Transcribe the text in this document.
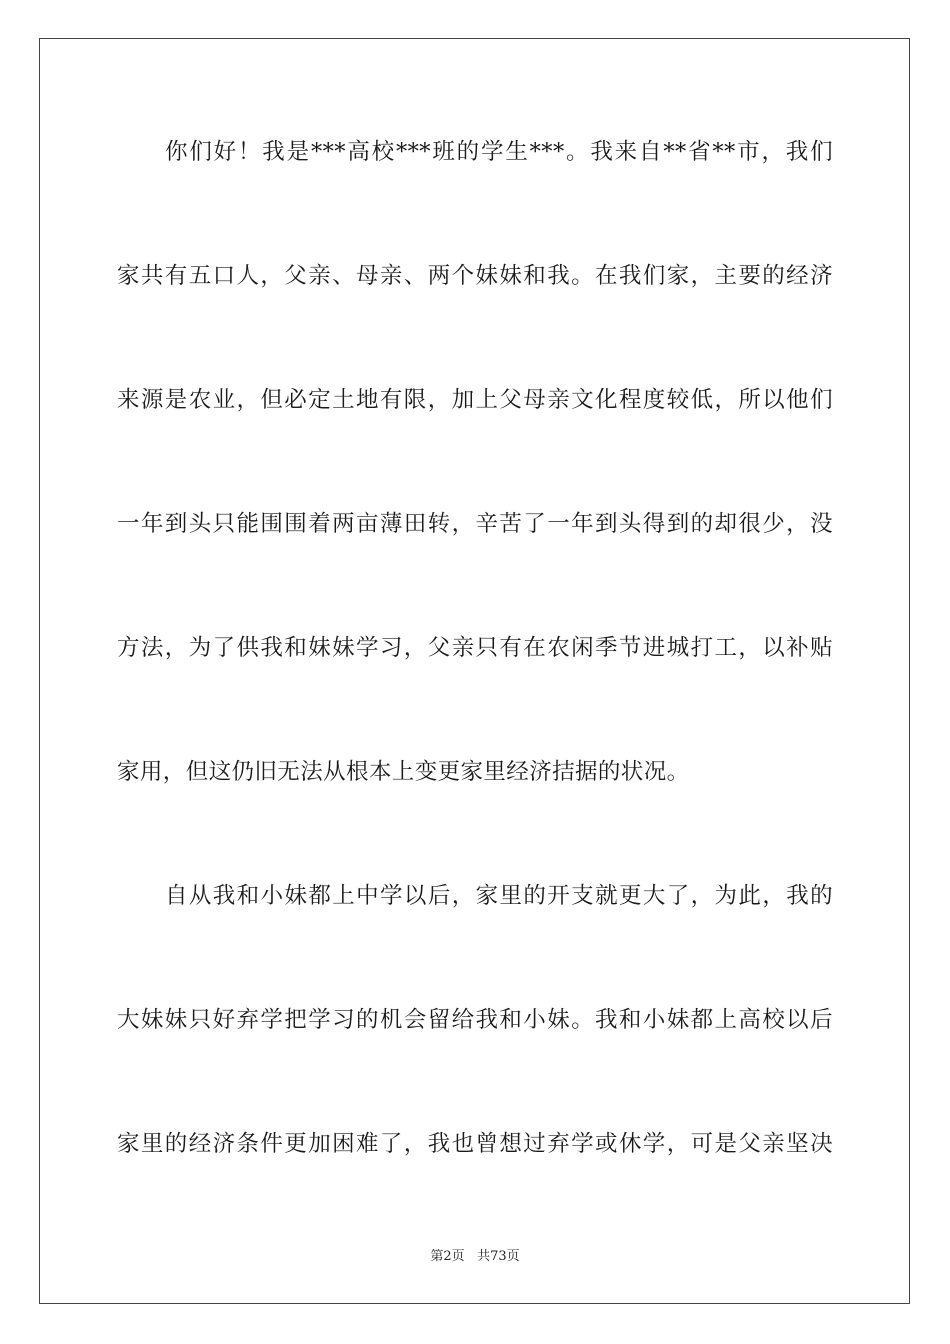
你们好！我是***高校***班的学生***。我来自**省**市，我们
家共有五口人，父亲、母亲、两个妹妹和我。在我们家，主要的经济
来源是农业，但必定土地有限，加上父母亲文化程度较低，所以他们
一年到头只能围围着两亩薄田转，辛苦了一年到头得到的却很少，没
方法，为了供我和妹妹学习，父亲只有在农闲季节进城打工，以补贴
家用，但这仍旧无法从根本上变更家里经济拮据的状况。
自从我和小妹都上中学以后，家里的开支就更大了，为此，我的
大妹妹只好弃学把学习的机会留给我和小妹。我和小妹都上高校以后
家里的经济条件更加困难了，我也曾想过弃学或休学，可是父亲坚决
第2页 共73页
